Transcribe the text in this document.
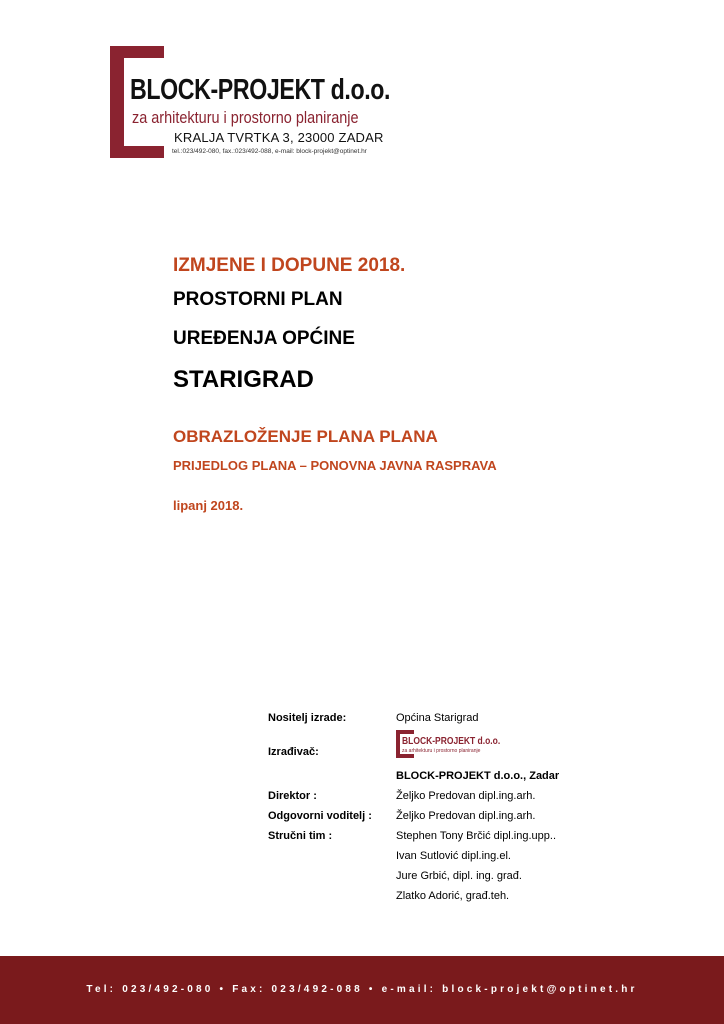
BLOCK-PROJEKT d.o.o.
za arhitekturu i prostorno planiranje
KRALJA TVRTKA 3, 23000 ZADAR
tel.:023/492-080, fax.:023/492-088, e-mail: block-projekt@optinet.hr
IZMJENE I DOPUNE 2018.
PROSTORNI PLAN
UREĐENJA OPĆINE
STARIGRAD
OBRAZLOŽENJE PLANA PLANA
PRIJEDLOG PLANA – PONOVNA JAVNA RASPRAVA
lipanj 2018.
Nositelj izrade:	Općina Starigrad
Izrađivač:
BLOCK-PROJEKT d.o.o., Zadar
Direktor :	Željko Predovan dipl.ing.arh.
Odgovorni voditelj : Željko Predovan dipl.ing.arh.
Stručni tim :	Stephen Tony Brčić dipl.ing.upp..
Ivan Sutlović dipl.ing.el.
Jure Grbić, dipl. ing. građ.
Zlatko Adorić, građ.teh.
BLOCK-PROJEKT d.o.o.
za arhitekturu i prostorno planiranje
Tel: 023/492-080 • Fax: 023/492-088 • e-mail: block-projekt@optinet.hr
